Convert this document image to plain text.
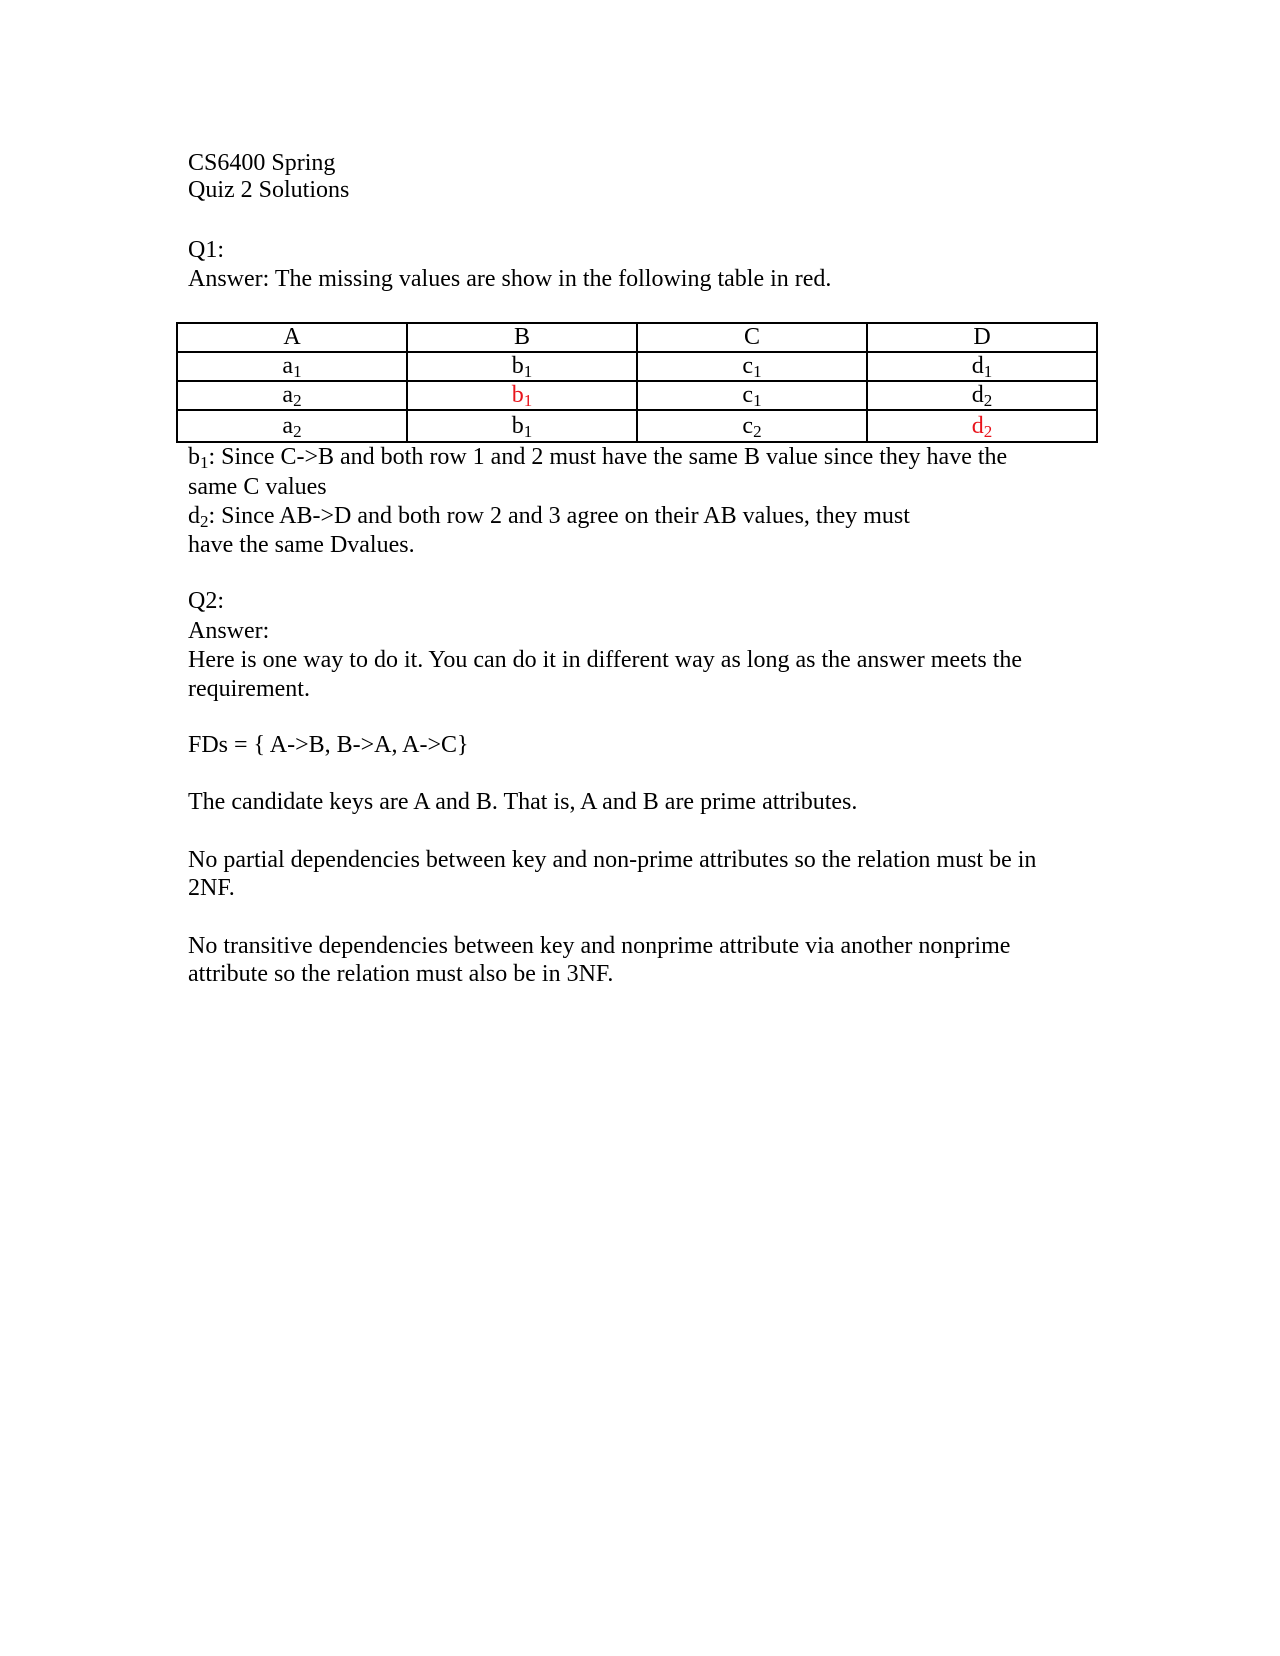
CS6400 Spring
Quiz 2 Solutions
Q1:
Answer: The missing values are show in the following table in red.
A	B	C	D
$a_1$	$b_1$	$c_1$	$d_1$
$a_2$	$b_1$	$c_1$	$d_2$
$a_2$	$b_1$	$c_2$	$d_2$
$b_1$: Since C->B and both row 1 and 2 must have the same B value since they have the
same C values
$d_2$: Since AB->D and both row 2 and 3 agree on their AB values, they must
have the same Dvalues.
Q2:
Answer:
Here is one way to do it. You can do it in different way as long as the answer meets the
requirement.
FDs = { A->B, B->A, A->C}
The candidate keys are A and B. That is, A and B are prime attributes.
No partial dependencies between key and non-prime attributes so the relation must be in
2NF.
No transitive dependencies between key and nonprime attribute via another nonprime
attribute so the relation must also be in 3NF.
